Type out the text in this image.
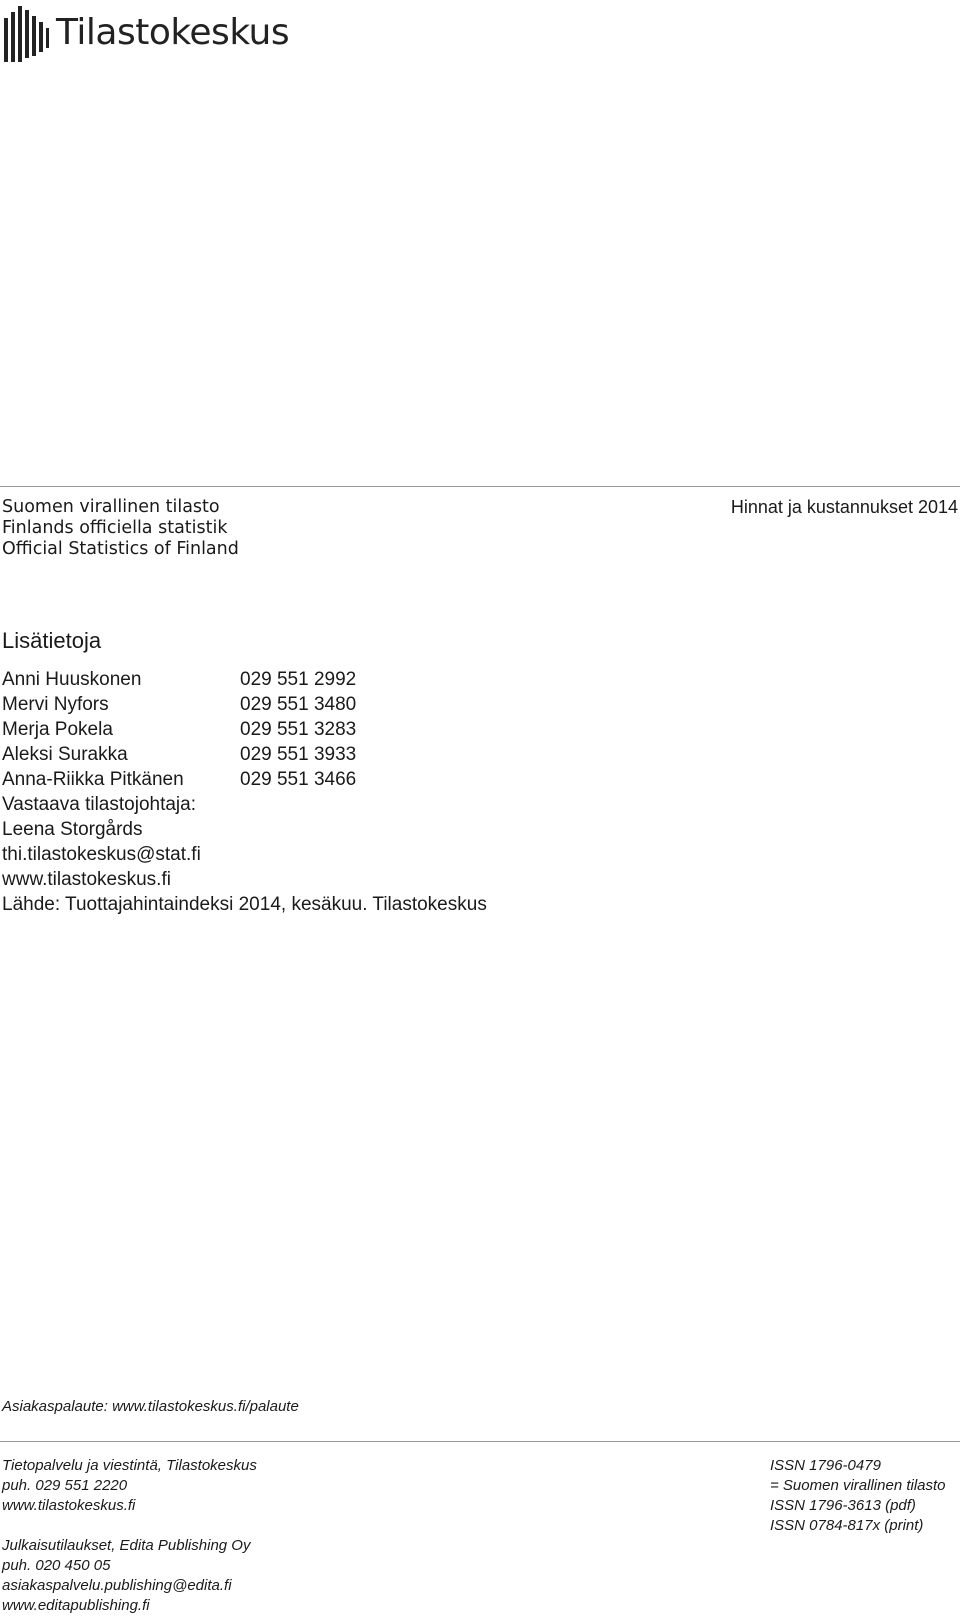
Tilastokeskus
Suomen virallinen tilasto
Finlands officiella statistik
Official Statistics of Finland
Hinnat ja kustannukset 2014
Lisätietoja
Anni Huuskonen	029 551 2992
Mervi Nyfors	029 551 3480
Merja Pokela	029 551 3283
Aleksi Surakka	029 551 3933
Anna-Riikka Pitkänen	029 551 3466
Vastaava tilastojohtaja:
Leena Storgårds
thi.tilastokeskus@stat.fi
www.tilastokeskus.fi
Lähde: Tuottajahintaindeksi 2014, kesäkuu. Tilastokeskus
Asiakaspalaute: www.tilastokeskus.fi/palaute
Tietopalvelu ja viestintä, Tilastokeskus
puh. 029 551 2220
www.tilastokeskus.fi
Julkaisutilaukset, Edita Publishing Oy
puh. 020 450 05
asiakaspalvelu.publishing@edita.fi
www.editapublishing.fi
ISSN 1796-0479
= Suomen virallinen tilasto
ISSN 1796-3613 (pdf)
ISSN 0784-817x (print)
